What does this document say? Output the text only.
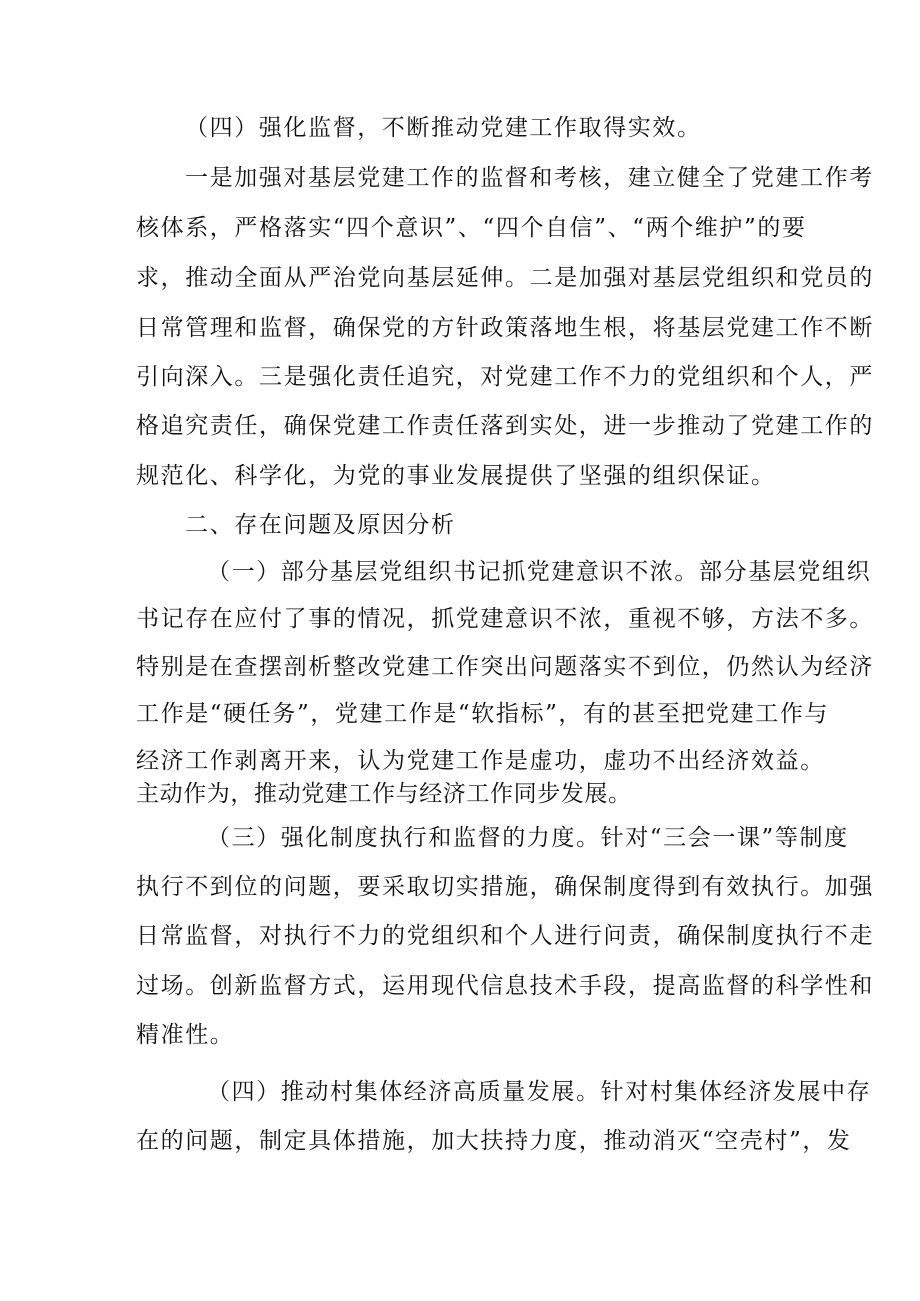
（四）强化监督，不断推动党建工作取得实效。
一是加强对基层党建工作的监督和考核，建立健全了党建工作考
核体系，严格落实“四个意识”、“四个自信”、“两个维护”的要
求，推动全面从严治党向基层延伸。二是加强对基层党组织和党员的
日常管理和监督，确保党的方针政策落地生根，将基层党建工作不断
引向深入。三是强化责任追究，对党建工作不力的党组织和个人，严
格追究责任，确保党建工作责任落到实处，进一步推动了党建工作的
规范化、科学化，为党的事业发展提供了坚强的组织保证。
二、存在问题及原因分析
（一）部分基层党组织书记抓党建意识不浓。部分基层党组织
书记存在应付了事的情况，抓党建意识不浓，重视不够，方法不多。
特别是在查摆剖析整改党建工作突出问题落实不到位，仍然认为经济
工作是“硬任务”，党建工作是“软指标”，有的甚至把党建工作与
经济工作剥离开来，认为党建工作是虚功，虚功不出经济效益。
主动作为，推动党建工作与经济工作同步发展。
（三）强化制度执行和监督的力度。针对“三会一课”等制度
执行不到位的问题，要采取切实措施，确保制度得到有效执行。加强
日常监督，对执行不力的党组织和个人进行问责，确保制度执行不走
过场。创新监督方式，运用现代信息技术手段，提高监督的科学性和
精准性。
（四）推动村集体经济高质量发展。针对村集体经济发展中存
在的问题，制定具体措施，加大扶持力度，推动消灭“空壳村”，发
